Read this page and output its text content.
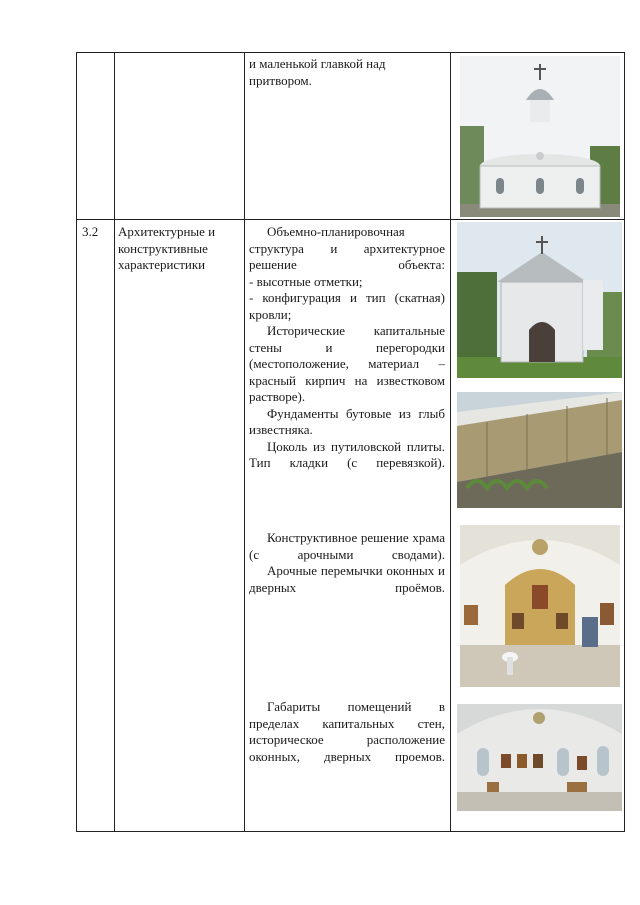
и маленькой главкой над притвором.

3.2	Архитектурные и конструктивные характеристики

Объемно-планировочная структура и архитектурное решение объекта:

- высотные отметки;

- конфигурация и тип (скатная) кровли;

Исторические капитальные стены и перегородки (местоположение, материал – красный кирпич на известковом растворе).

Фундаменты бутовые из глыб известняка.

Цоколь из путиловской плиты. Тип кладки (с перевязкой).

Конструктивное решение храма (с арочными сводами).

Арочные перемычки оконных и дверных проёмов.

Габариты помещений в пределах капитальных стен, историческое расположение оконных, дверных проемов.
